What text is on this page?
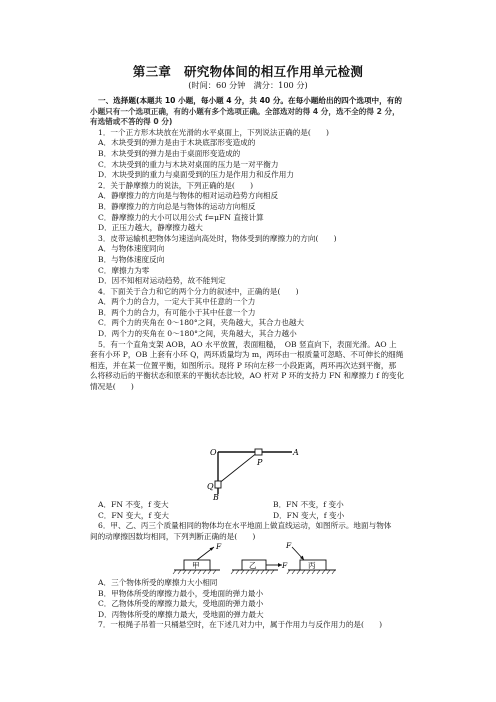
第三章　研究物体间的相互作用单元检测
(时间：60 分钟　满分：100 分)
一、选择题(本题共 10 小题，每小题 4 分，共 40 分。在每小题给出的四个选项中，有的
小题只有一个选项正确，有的小题有多个选项正确。全部选对的得 4 分，选不全的得 2 分，
有选错或不答的得 0 分)
1．一个正方形木块放在光滑的水平桌面上，下列说法正确的是(　　)
A．木块受到的弹力是由于木块底部形变造成的
B．木块受到的弹力是由于桌面形变造成的
C．木块受到的重力与木块对桌面的压力是一对平衡力
D．木块受到的重力与桌面受到的压力是作用力和反作用力
2．关于静摩擦力的说法，下列正确的是(　　)
A．静摩擦力的方向是与物体的相对运动趋势方向相反
B．静摩擦力的方向总是与物体的运动方向相反
C．静摩擦力的大小可以用公式 f=μFN 直接计算
D．正压力越大，静摩擦力越大
3．皮带运输机把物体匀速送向高处时，物体受到的摩擦力的方向(　　)
A．与物体速度同向
B．与物体速度反向
C．摩擦力为零
D．因不知相对运动趋势，故不能判定
4．下面关于合力和它的两个分力的叙述中，正确的是(　　)
A．两个力的合力，一定大于其中任意的一个力
B．两个力的合力，有可能小于其中任意一个力
C．两个力的夹角在 0～180°之间，夹角越大，其合力也越大
D．两个力的夹角在 0～180°之间，夹角越大，其合力越小
5．有一个直角支架 AOB，AO 水平放置，表面粗糙，　OB 竖直向下，表面光滑。AO 上
套有小环 P，OB 上套有小环 Q，两环质量均为 m，两环由一根质量可忽略、不可伸长的细绳
相连，并在某一位置平衡，如图所示。现将 P 环向左移一小段距离，两环再次达到平衡，那
么将移动后的平衡状态和原来的平衡状态比较，AO 杆对 P 环的支持力 FN 和摩擦力 f 的变化
情况是(　　)
O	A
P
Q
B
A．FN 不变，f 变大	B．FN 不变，f 变小
C．FN 变大，f 变大	D．FN 变大，f 变小
6．甲、乙、丙三个质量相同的物体均在水平地面上做直线运动，如图所示。地面与物体
间的动摩擦因数均相同，下列判断正确的是(　　)
甲	乙	丙
F
F
F
A．三个物体所受的摩擦力大小相同
B．甲物体所受的摩擦力最小，受地面的弹力最小
C．乙物体所受的摩擦力最大，受地面的弹力最小
D．丙物体所受的摩擦力最大，受地面的弹力最大
7．一根绳子吊着一只桶悬空时，在下述几对力中，属于作用力与反作用力的是(　　)
